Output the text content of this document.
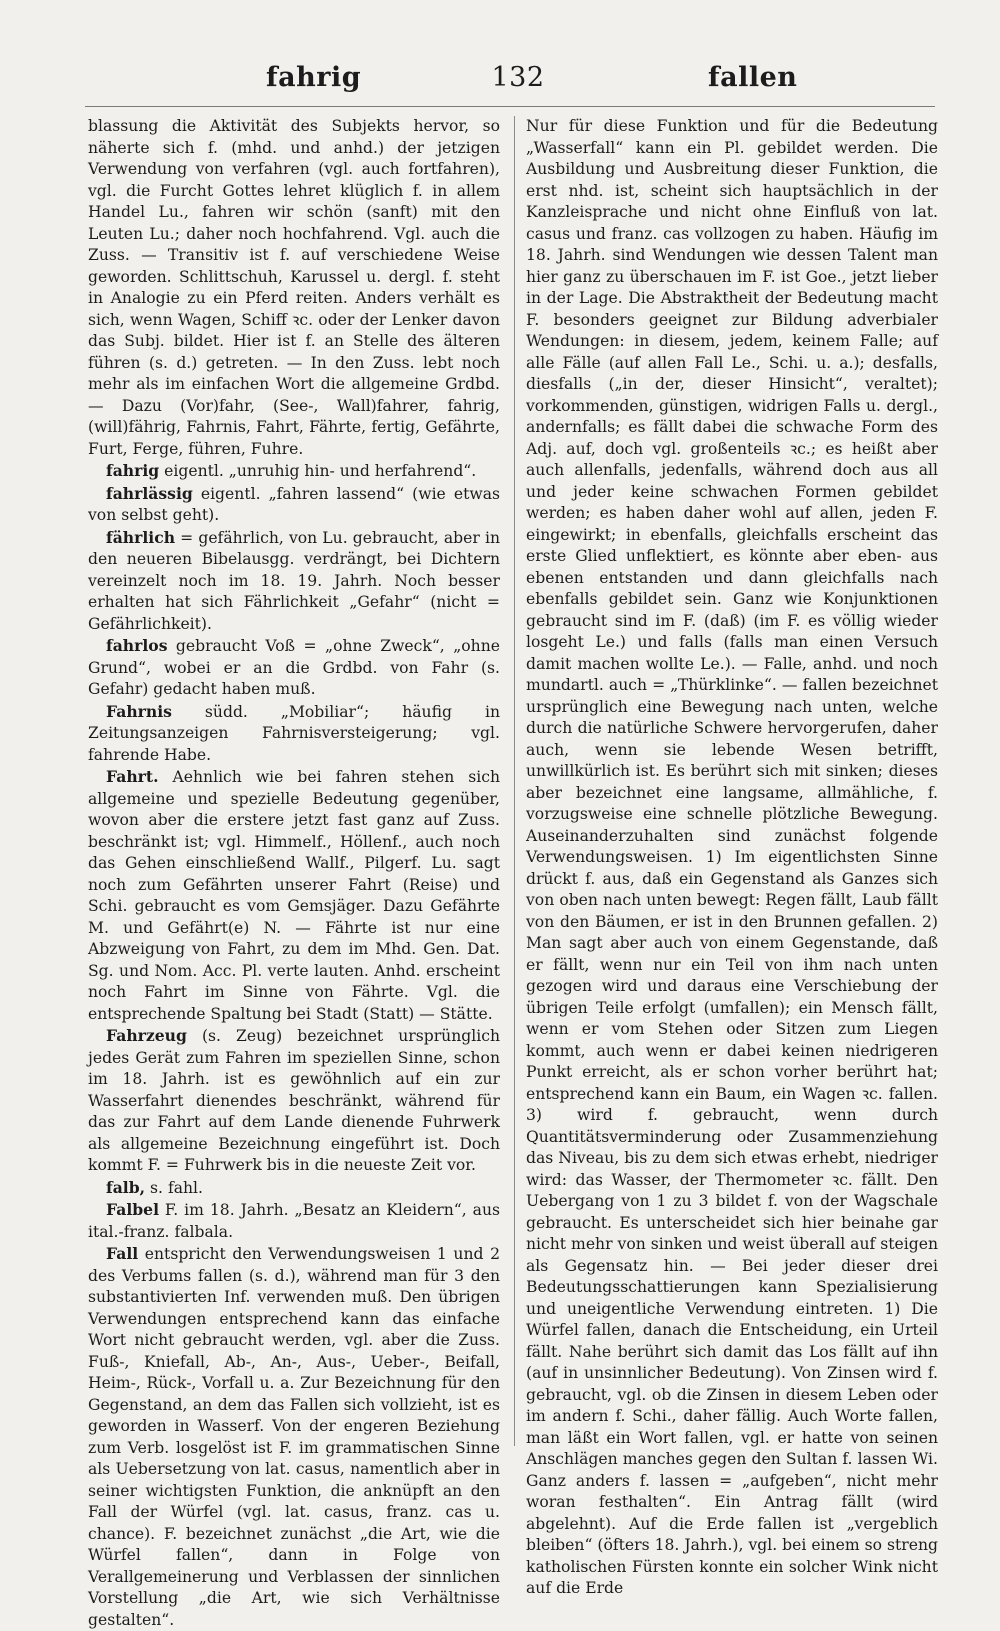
fahrig	132	fallen

blassung die Aktivität des Subjekts hervor, so näherte sich f. (mhd. und anhd.) der jetzigen Verwendung von verfahren (vgl. auch fortfahren), vgl. die Furcht Gottes lehret klüglich f. in allem Handel Lu., fahren wir schön (sanft) mit den Leuten Lu.; daher noch hochfahrend. Vgl. auch die Zuss. — Transitiv ist f. auf verschiedene Weise geworden. Schlittschuh, Karussel u. dergl. f. steht in Analogie zu ein Pferd reiten. Anders verhält es sich, wenn Wagen, Schiff ꝛc. oder der Lenker davon das Subj. bildet. Hier ist f. an Stelle des älteren führen (s. d.) getreten. — In den Zuss. lebt noch mehr als im einfachen Wort die allgemeine Grdbd. — Dazu (Vor)fahr, (See-, Wall)fahrer, fahrig, (will)fährig, Fahrnis, Fahrt, Fährte, fertig, Gefährte, Furt, Ferge, führen, Fuhre.

fahrig eigentl. „unruhig hin- und herfahrend“.

fahrlässig eigentl. „fahren lassend“ (wie etwas von selbst geht).

fährlich = gefährlich, von Lu. gebraucht, aber in den neueren Bibelausgg. verdrängt, bei Dichtern vereinzelt noch im 18. 19. Jahrh. Noch besser erhalten hat sich Fährlichkeit „Gefahr“ (nicht = Gefährlichkeit).

fahrlos gebraucht Voß = „ohne Zweck“, „ohne Grund“, wobei er an die Grdbd. von Fahr (s. Gefahr) gedacht haben muß.

Fahrnis südd. „Mobiliar“; häufig in Zeitungsanzeigen Fahrnisversteigerung; vgl. fahrende Habe.

Fahrt. Aehnlich wie bei fahren stehen sich allgemeine und spezielle Bedeutung gegenüber, wovon aber die erstere jetzt fast ganz auf Zuss. beschränkt ist; vgl. Himmelf., Höllenf., auch noch das Gehen einschließend Wallf., Pilgerf. Lu. sagt noch zum Gefährten unserer Fahrt (Reise) und Schi. gebraucht es vom Gemsjäger. Dazu Gefährte M. und Gefährt(e) N. — Fährte ist nur eine Abzweigung von Fahrt, zu dem im Mhd. Gen. Dat. Sg. und Nom. Acc. Pl. verte lauten. Anhd. erscheint noch Fahrt im Sinne von Fährte. Vgl. die entsprechende Spaltung bei Stadt (Statt) — Stätte.

Fahrzeug (s. Zeug) bezeichnet ursprünglich jedes Gerät zum Fahren im speziellen Sinne, schon im 18. Jahrh. ist es gewöhnlich auf ein zur Wasserfahrt dienendes beschränkt, während für das zur Fahrt auf dem Lande dienende Fuhrwerk als allgemeine Bezeichnung eingeführt ist. Doch kommt F. = Fuhrwerk bis in die neueste Zeit vor.

falb, s. fahl.

Falbel F. im 18. Jahrh. „Besatz an Kleidern“, aus ital.-franz. falbala.

Fall entspricht den Verwendungsweisen 1 und 2 des Verbums fallen (s. d.), während man für 3 den substantivierten Inf. verwenden muß. Den übrigen Verwendungen entsprechend kann das einfache Wort nicht gebraucht werden, vgl. aber die Zuss. Fuß-, Kniefall, Ab-, An-, Aus-, Ueber-, Beifall, Heim-, Rück-, Vorfall u. a. Zur Bezeichnung für den Gegenstand, an dem das Fallen sich vollzieht, ist es geworden in Wasserf. Von der engeren Beziehung zum Verb. losgelöst ist F. im grammatischen Sinne als Uebersetzung von lat. casus, namentlich aber in seiner wichtigsten Funktion, die anknüpft an den Fall der Würfel (vgl. lat. casus, franz. cas u. chance). F. bezeichnet zunächst „die Art, wie die Würfel fallen“, dann in Folge von Verallgemeinerung und Verblassen der sinnlichen Vorstellung „die Art, wie sich Verhältnisse gestalten“.

Nur für diese Funktion und für die Bedeutung „Wasserfall“ kann ein Pl. gebildet werden. Die Ausbildung und Ausbreitung dieser Funktion, die erst nhd. ist, scheint sich hauptsächlich in der Kanzleisprache und nicht ohne Einfluß von lat. casus und franz. cas vollzogen zu haben. Häufig im 18. Jahrh. sind Wendungen wie dessen Talent man hier ganz zu überschauen im F. ist Goe., jetzt lieber in der Lage. Die Abstraktheit der Bedeutung macht F. besonders geeignet zur Bildung adverbialer Wendungen: in diesem, jedem, keinem Falle; auf alle Fälle (auf allen Fall Le., Schi. u. a.); desfalls, diesfalls („in der, dieser Hinsicht“, veraltet); vorkommenden, günstigen, widrigen Falls u. dergl., andernfalls; es fällt dabei die schwache Form des Adj. auf, doch vgl. großenteils ꝛc.; es heißt aber auch allenfalls, jedenfalls, während doch aus all und jeder keine schwachen Formen gebildet werden; es haben daher wohl auf allen, jeden F. eingewirkt; in ebenfalls, gleichfalls erscheint das erste Glied unflektiert, es könnte aber eben- aus ebenen entstanden und dann gleichfalls nach ebenfalls gebildet sein. Ganz wie Konjunktionen gebraucht sind im F. (daß) (im F. es völlig wieder losgeht Le.) und falls (falls man einen Versuch damit machen wollte Le.). — Falle, anhd. und noch mundartl. auch = „Thürklinke“. — fallen bezeichnet ursprünglich eine Bewegung nach unten, welche durch die natürliche Schwere hervorgerufen, daher auch, wenn sie lebende Wesen betrifft, unwillkürlich ist. Es berührt sich mit sinken; dieses aber bezeichnet eine langsame, allmähliche, f. vorzugsweise eine schnelle plötzliche Bewegung. Auseinanderzuhalten sind zunächst folgende Verwendungsweisen. 1) Im eigentlichsten Sinne drückt f. aus, daß ein Gegenstand als Ganzes sich von oben nach unten bewegt: Regen fällt, Laub fällt von den Bäumen, er ist in den Brunnen gefallen. 2) Man sagt aber auch von einem Gegenstande, daß er fällt, wenn nur ein Teil von ihm nach unten gezogen wird und daraus eine Verschiebung der übrigen Teile erfolgt (umfallen); ein Mensch fällt, wenn er vom Stehen oder Sitzen zum Liegen kommt, auch wenn er dabei keinen niedrigeren Punkt erreicht, als er schon vorher berührt hat; entsprechend kann ein Baum, ein Wagen ꝛc. fallen. 3) wird f. gebraucht, wenn durch Quantitätsverminderung oder Zusammenziehung das Niveau, bis zu dem sich etwas erhebt, niedriger wird: das Wasser, der Thermometer ꝛc. fällt. Den Uebergang von 1 zu 3 bildet f. von der Wagschale gebraucht. Es unterscheidet sich hier beinahe gar nicht mehr von sinken und weist überall auf steigen als Gegensatz hin. — Bei jeder dieser drei Bedeutungsschattierungen kann Spezialisierung und uneigentliche Verwendung eintreten. 1) Die Würfel fallen, danach die Entscheidung, ein Urteil fällt. Nahe berührt sich damit das Los fällt auf ihn (auf in unsinnlicher Bedeutung). Von Zinsen wird f. gebraucht, vgl. ob die Zinsen in diesem Leben oder im andern f. Schi., daher fällig. Auch Worte fallen, man läßt ein Wort fallen, vgl. er hatte von seinen Anschlägen manches gegen den Sultan f. lassen Wi. Ganz anders f. lassen = „aufgeben“, nicht mehr woran festhalten“. Ein Antrag fällt (wird abgelehnt). Auf die Erde fallen ist „vergeblich bleiben“ (öfters 18. Jahrh.), vgl. bei einem so streng katholischen Fürsten konnte ein solcher Wink nicht auf die Erde
